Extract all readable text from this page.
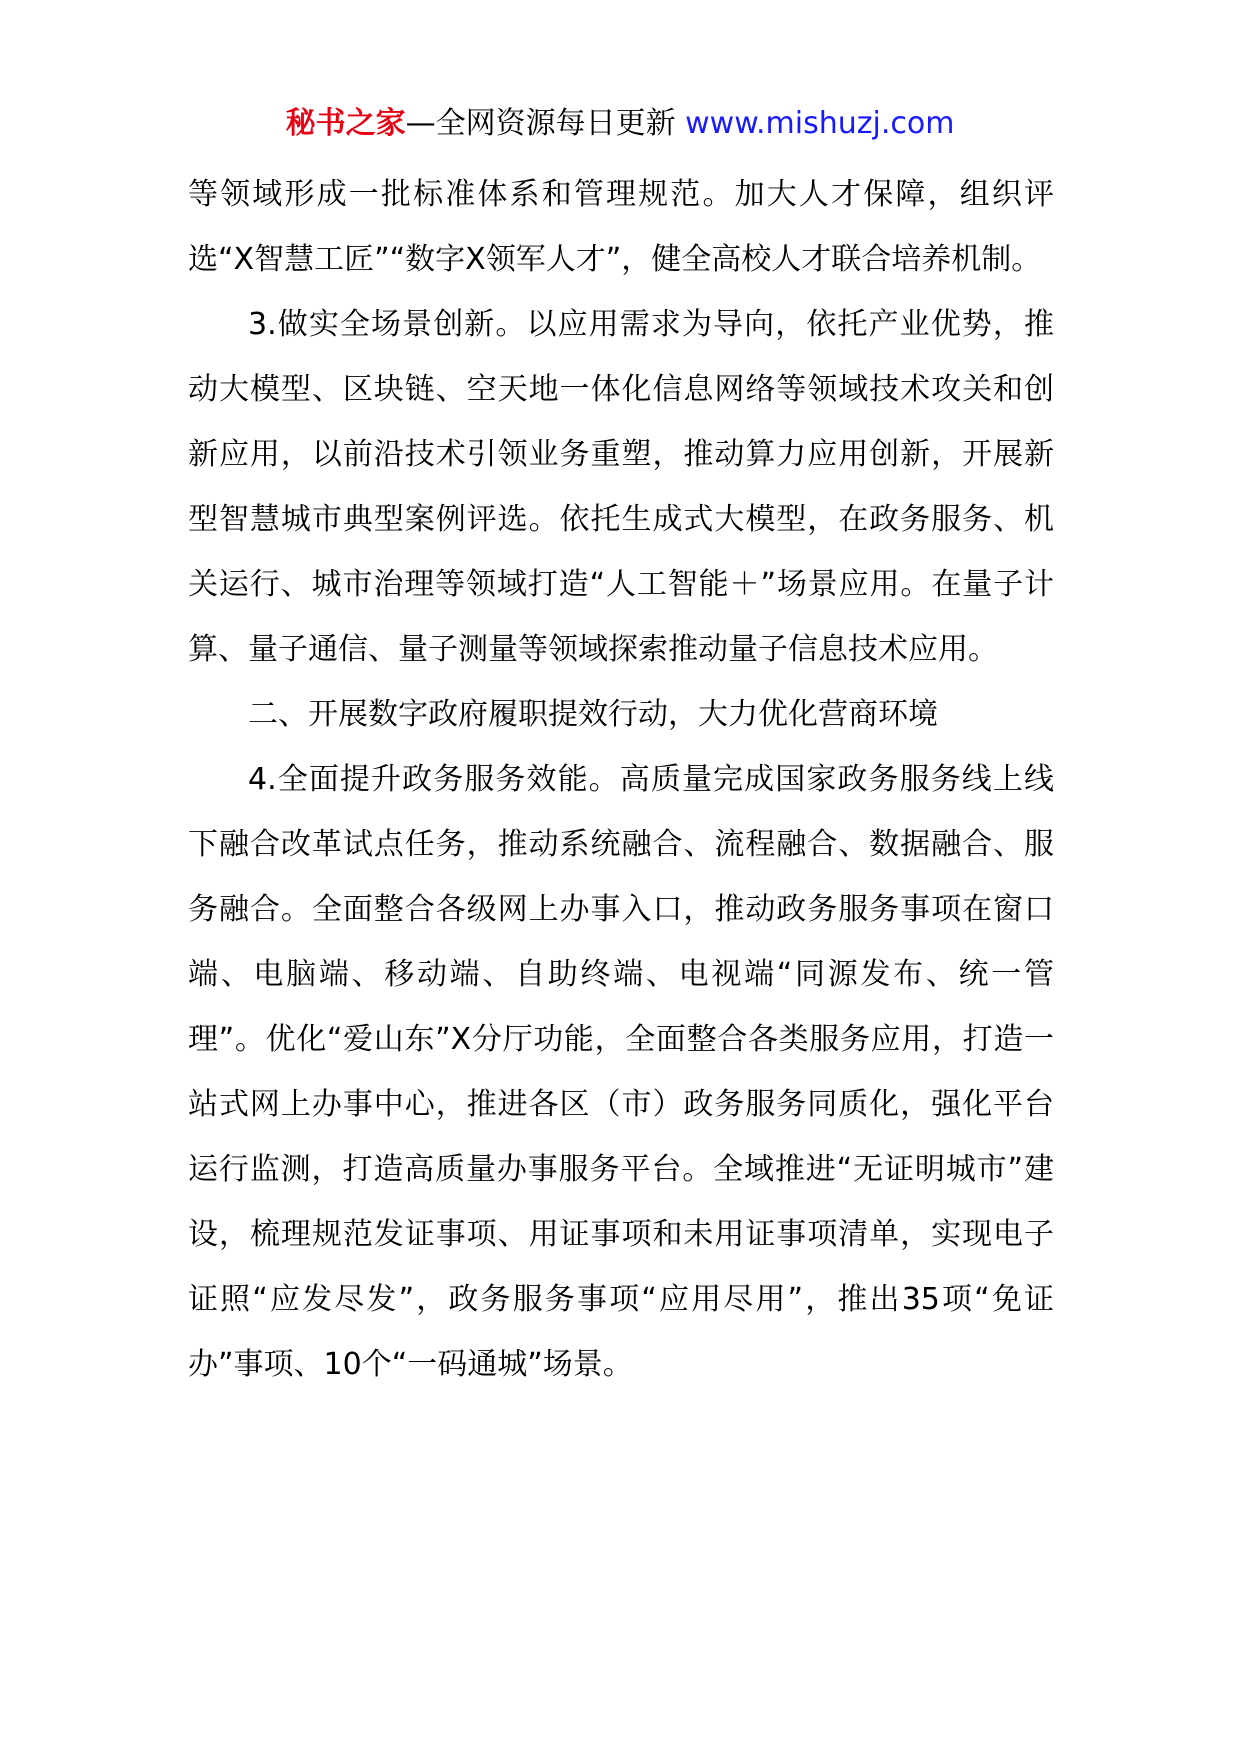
秘书之家—全网资源每日更新 www.mishuzj.com

等领域形成一批标准体系和管理规范。加大人才保障，组织评选“X智慧工匠”“数字X领军人才”，健全高校人才联合培养机制。

3.做实全场景创新。以应用需求为导向，依托产业优势，推动大模型、区块链、空天地一体化信息网络等领域技术攻关和创新应用，以前沿技术引领业务重塑，推动算力应用创新，开展新型智慧城市典型案例评选。依托生成式大模型，在政务服务、机关运行、城市治理等领域打造“人工智能＋”场景应用。在量子计算、量子通信、量子测量等领域探索推动量子信息技术应用。

二、开展数字政府履职提效行动，大力优化营商环境

4.全面提升政务服务效能。高质量完成国家政务服务线上线下融合改革试点任务，推动系统融合、流程融合、数据融合、服务融合。全面整合各级网上办事入口，推动政务服务事项在窗口端、电脑端、移动端、自助终端、电视端“同源发布、统一管理”。优化“爱山东”X分厅功能，全面整合各类服务应用，打造一站式网上办事中心，推进各区（市）政务服务同质化，强化平台运行监测，打造高质量办事服务平台。全域推进“无证明城市”建设，梳理规范发证事项、用证事项和未用证事项清单，实现电子证照“应发尽发”，政务服务事项“应用尽用”，推出35项“免证办”事项、10个“一码通城”场景。
